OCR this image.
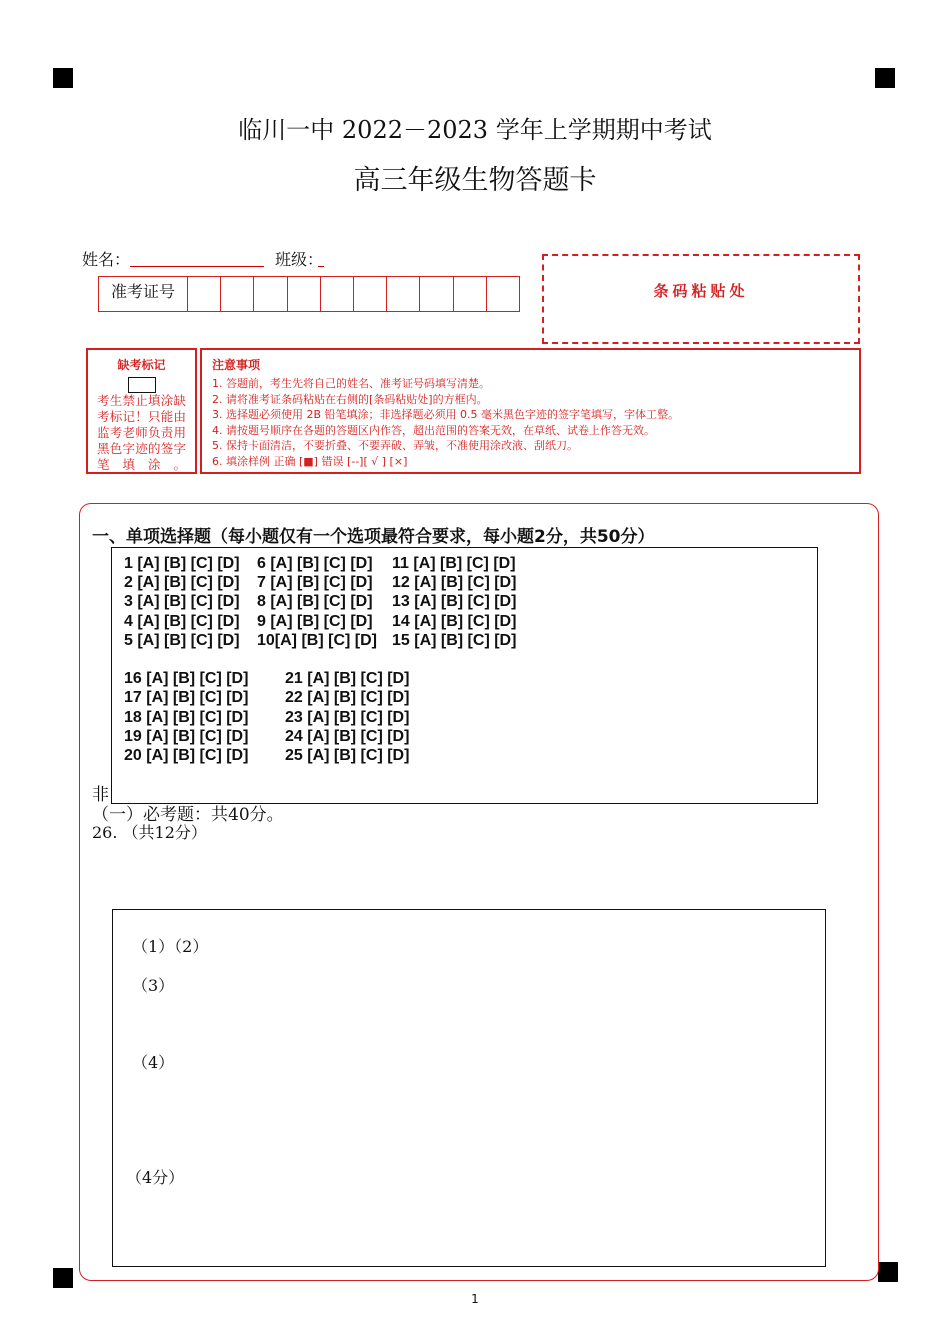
临川一中 2022－2023 学年上学期期中考试
高三年级生物答题卡
姓名：	班级：
准考证号	条码粘贴处
缺考标记
考生禁止填涂缺考标记！只能由监考老师负责用黑色字迹的签字笔填涂。
注意事项
1. 答题前，考生先将自己的姓名、准考证号码填写清楚。
2. 请将准考证条码粘贴在右侧的[条码粘贴处]的方框内。
3. 选择题必须使用 2B 铅笔填涂；非选择题必须用 0.5 毫米黑色字迹的签字笔填写，字体工整。
4. 请按题号顺序在各题的答题区内作答，超出范围的答案无效，在草纸、试卷上作答无效。
5. 保持卡面清洁，不要折叠、不要弄破、弄皱，不准使用涂改液、刮纸刀。
6. 填涂样例 正确 [■] 错误 [--][ √ ] [×]
一、单项选择题（每小题仅有一个选项最符合要求，每小题2分，共50分）
非
（一）必考题：共40分。
1 [A] [B] [C] [D]	6 [A] [B] [C] [D]	11 [A] [B] [C] [D]
2 [A] [B] [C] [D]	7 [A] [B] [C] [D]	12 [A] [B] [C] [D]
3 [A] [B] [C] [D]	8 [A] [B] [C] [D]	13 [A] [B] [C] [D]
4 [A] [B] [C] [D]	9 [A] [B] [C] [D]	14 [A] [B] [C] [D]
5 [A] [B] [C] [D]	10[A] [B] [C] [D] 15 [A] [B] [C] [D]
16 [A] [B] [C] [D]	21 [A] [B] [C] [D]
17 [A] [B] [C] [D]	22 [A] [B] [C] [D]
18 [A] [B] [C] [D]	23 [A] [B] [C] [D]
19 [A] [B] [C] [D]	24 [A] [B] [C] [D]
20 [A] [B] [C] [D]	25 [A] [B] [C] [D]
26. （共12分）
（1）（2）
（3）
（4）
（4分）
1
